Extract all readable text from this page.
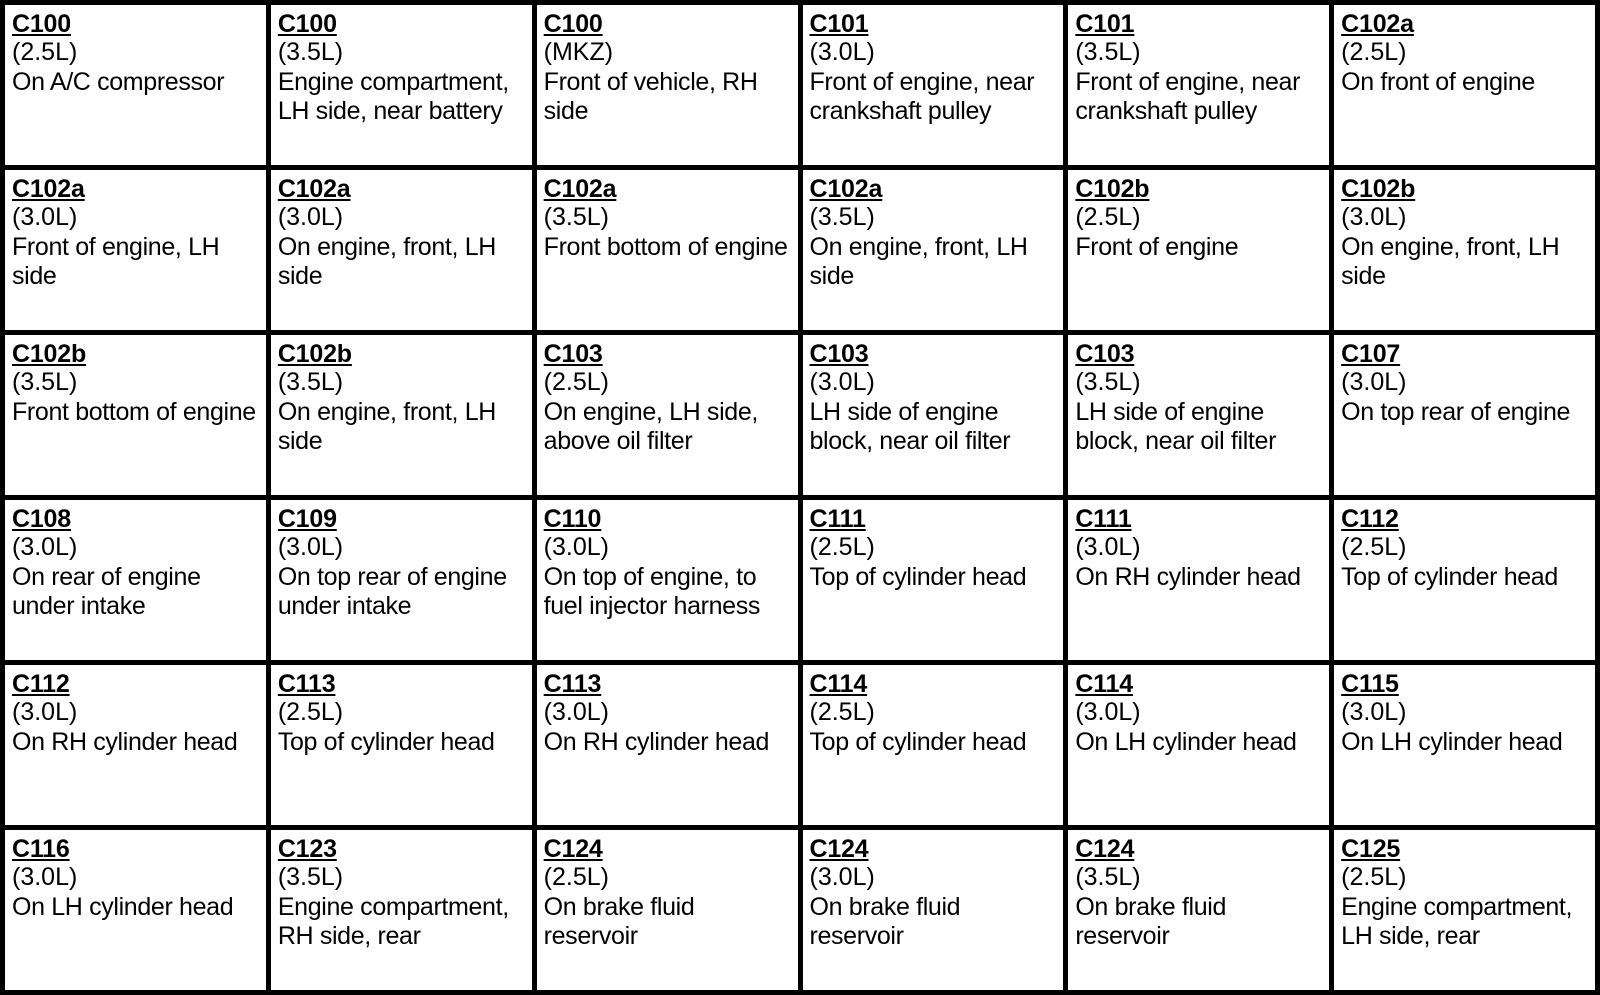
C100
(2.5L)
On A/C compressor
C100
(3.5L)
Engine compartment, LH side, near battery
C100
(MKZ)
Front of vehicle, RH side
C101
(3.0L)
Front of engine, near crankshaft pulley
C101
(3.5L)
Front of engine, near crankshaft pulley
C102a
(2.5L)
On front of engine
C102a
(3.0L)
Front of engine, LH side
C102a
(3.0L)
On engine, front, LH side
C102a
(3.5L)
Front bottom of engine
C102a
(3.5L)
On engine, front, LH side
C102b
(2.5L)
Front of engine
C102b
(3.0L)
On engine, front, LH side
C102b
(3.5L)
Front bottom of engine
C102b
(3.5L)
On engine, front, LH side
C103
(2.5L)
On engine, LH side, above oil filter
C103
(3.0L)
LH side of engine block, near oil filter
C103
(3.5L)
LH side of engine block, near oil filter
C107
(3.0L)
On top rear of engine
C108
(3.0L)
On rear of engine under intake
C109
(3.0L)
On top rear of engine under intake
C110
(3.0L)
On top of engine, to fuel injector harness
C111
(2.5L)
Top of cylinder head
C111
(3.0L)
On RH cylinder head
C112
(2.5L)
Top of cylinder head
C112
(3.0L)
On RH cylinder head
C113
(2.5L)
Top of cylinder head
C113
(3.0L)
On RH cylinder head
C114
(2.5L)
Top of cylinder head
C114
(3.0L)
On LH cylinder head
C115
(3.0L)
On LH cylinder head
C116
(3.0L)
On LH cylinder head
C123
(3.5L)
Engine compartment, RH side, rear
C124
(2.5L)
On brake fluid reservoir
C124
(3.0L)
On brake fluid reservoir
C124
(3.5L)
On brake fluid reservoir
C125
(2.5L)
Engine compartment, LH side, rear
